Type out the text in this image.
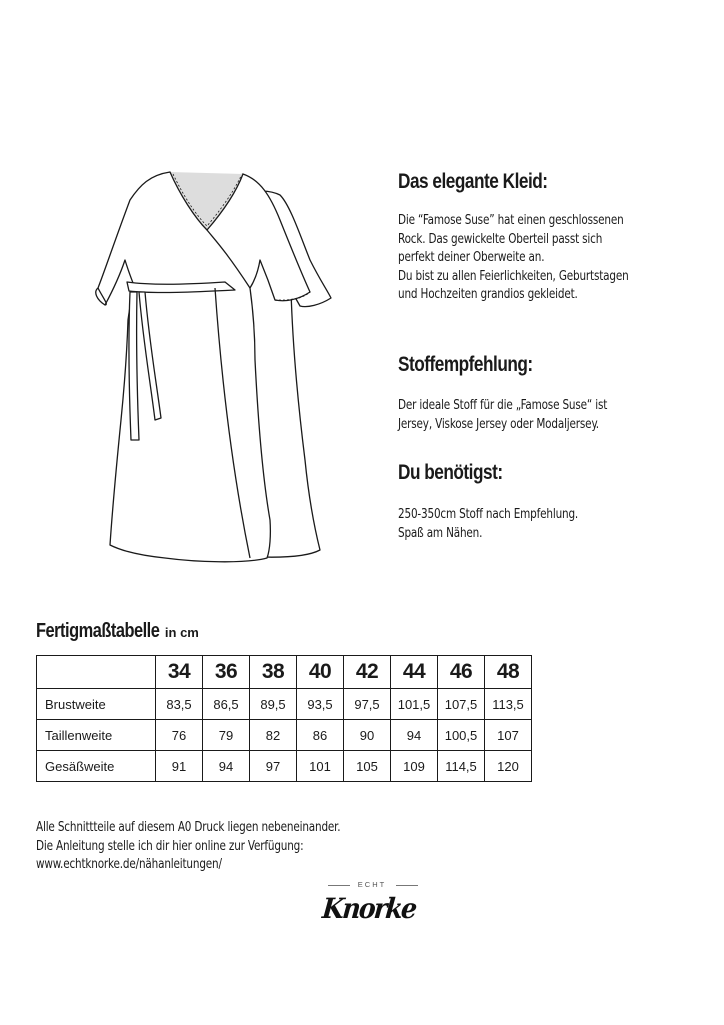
Das elegante Kleid:
Die “Famose Suse” hat einen geschlossenen
Rock. Das gewickelte Oberteil passt sich
perfekt deiner Oberweite an.
Du bist zu allen Feierlichkeiten, Geburtstagen
und Hochzeiten grandios gekleidet.
Stoffempfehlung:
Der ideale Stoff für die „Famose Suse“ ist
Jersey, Viskose Jersey oder Modaljersey.
Du benötigst:
250-350cm Stoff nach Empfehlung.
Spaß am Nähen.
Fertigmaßtabelle in cm
	34	36	38	40	42	44	46	48
Brustweite	83,5	86,5	89,5	93,5	97,5	101,5	107,5	113,5
Taillenweite	76	79	82	86	90	94	100,5	107
Gesäßweite	91	94	97	101	105	109	114,5	120
Alle Schnittteile auf diesem A0 Druck liegen nebeneinander.
Die Anleitung stelle ich dir hier online zur Verfügung:
www.echtknorke.de/nähanleitungen/
ECHT
Knorke
